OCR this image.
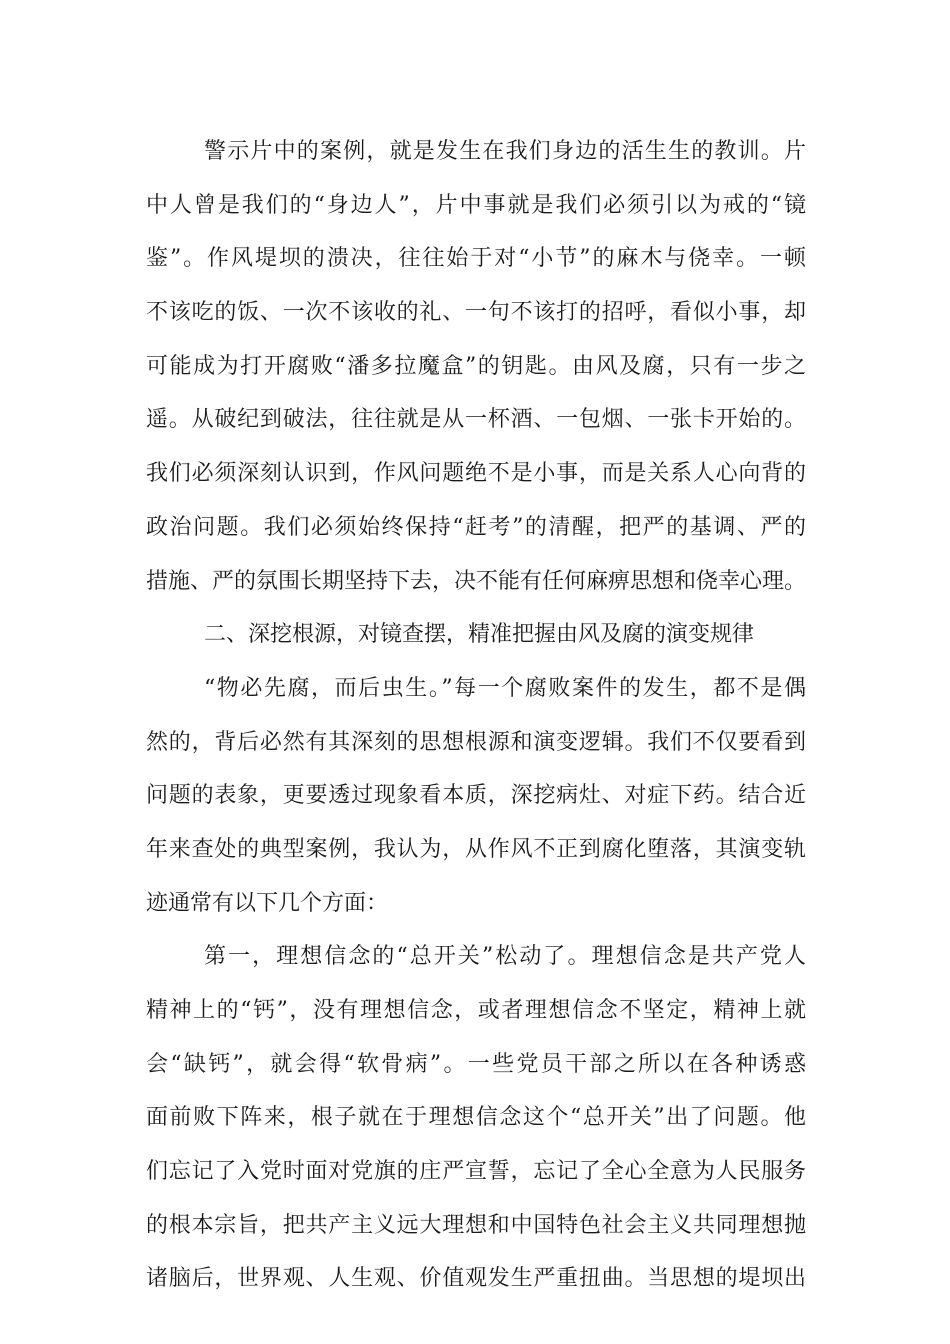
警示片中的案例，就是发生在我们身边的活生生的教训。片
中人曾是我们的“身边人”，片中事就是我们必须引以为戒的“镜
鉴”。作风堤坝的溃决，往往始于对“小节”的麻木与侥幸。一顿
不该吃的饭、一次不该收的礼、一句不该打的招呼，看似小事，却
可能成为打开腐败“潘多拉魔盒”的钥匙。由风及腐，只有一步之
遥。从破纪到破法，往往就是从一杯酒、一包烟、一张卡开始的。
我们必须深刻认识到，作风问题绝不是小事，而是关系人心向背的
政治问题。我们必须始终保持“赶考”的清醒，把严的基调、严的
措施、严的氛围长期坚持下去，决不能有任何麻痹思想和侥幸心理。
二、深挖根源，对镜查摆，精准把握由风及腐的演变规律
“物必先腐，而后虫生。”每一个腐败案件的发生，都不是偶
然的，背后必然有其深刻的思想根源和演变逻辑。我们不仅要看到
问题的表象，更要透过现象看本质，深挖病灶、对症下药。结合近
年来查处的典型案例，我认为，从作风不正到腐化堕落，其演变轨
迹通常有以下几个方面：
第一，理想信念的“总开关”松动了。理想信念是共产党人
精神上的“钙”，没有理想信念，或者理想信念不坚定，精神上就
会“缺钙”，就会得“软骨病”。一些党员干部之所以在各种诱惑
面前败下阵来，根子就在于理想信念这个“总开关”出了问题。他
们忘记了入党时面对党旗的庄严宣誓，忘记了全心全意为人民服务
的根本宗旨，把共产主义远大理想和中国特色社会主义共同理想抛
诸脑后，世界观、人生观、价值观发生严重扭曲。当思想的堤坝出
